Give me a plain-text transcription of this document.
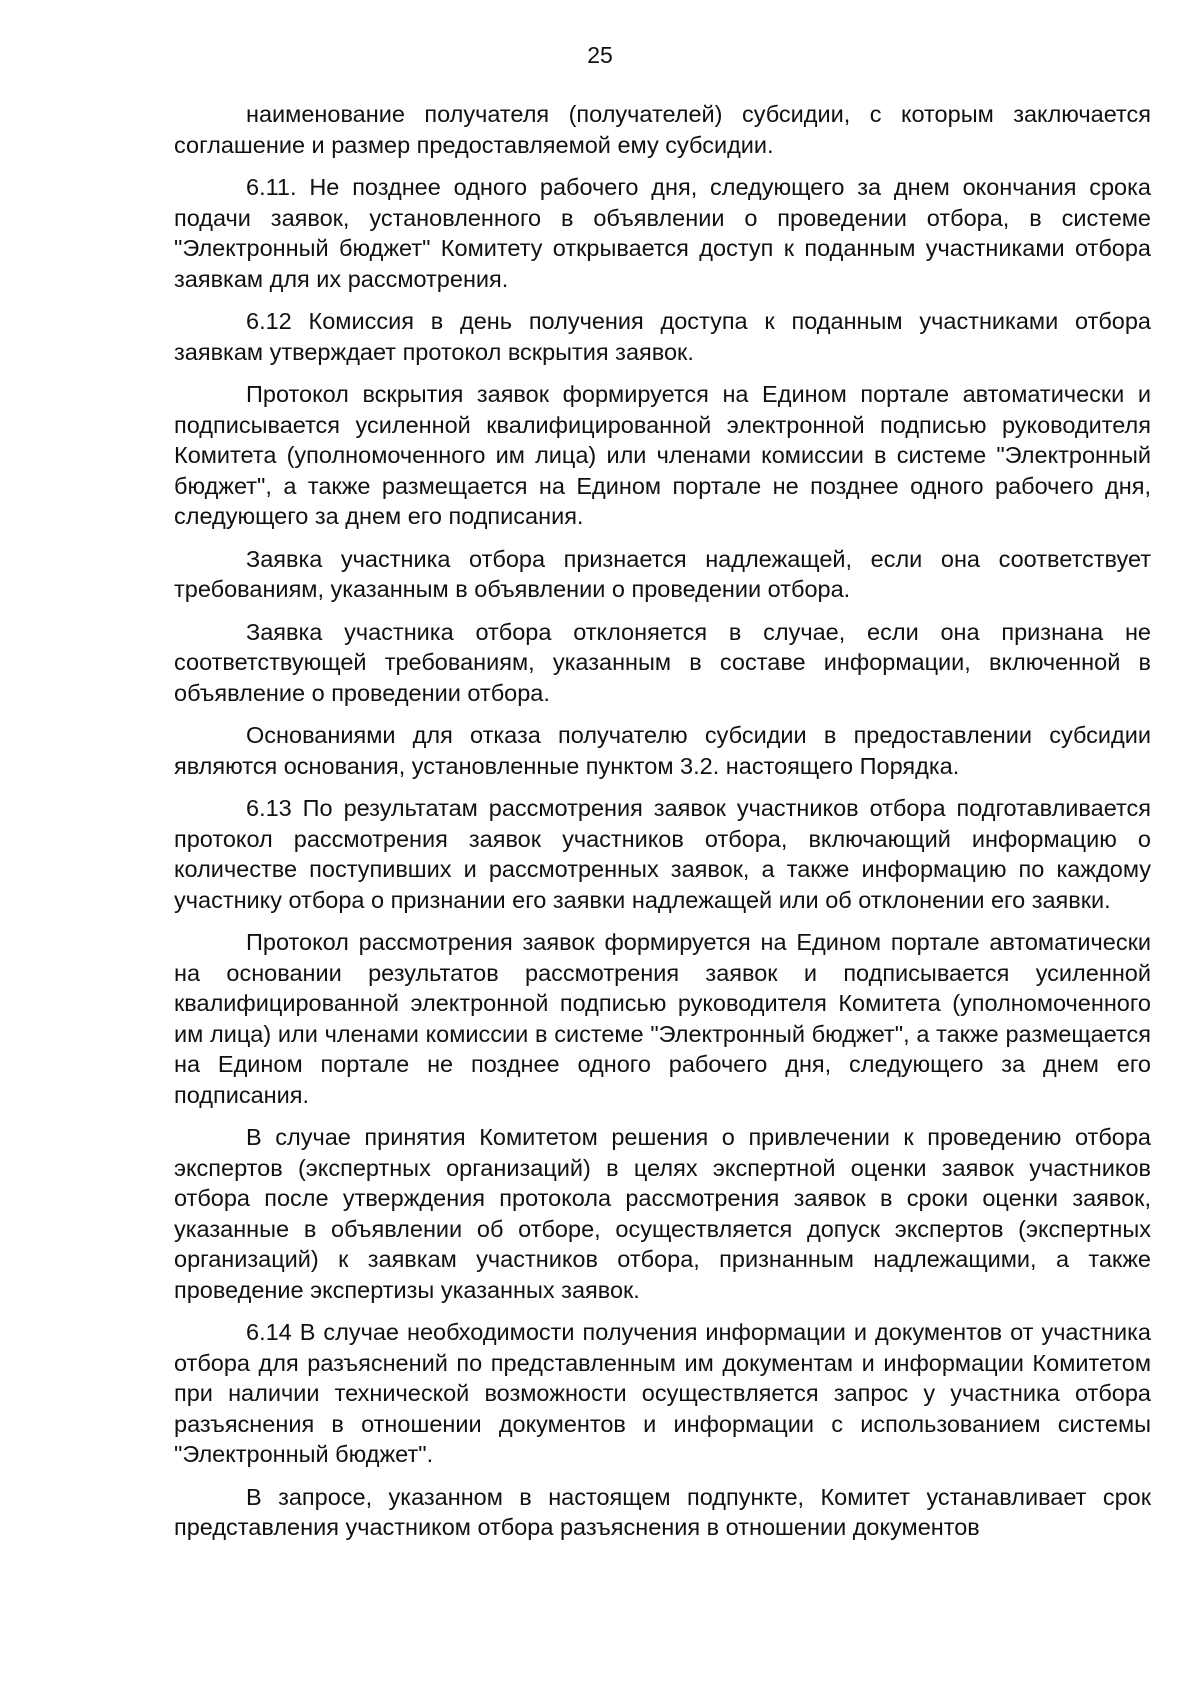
25

наименование получателя (получателей) субсидии, с которым заключается соглашение и размер предоставляемой ему субсидии.

6.11. Не позднее одного рабочего дня, следующего за днем окончания срока подачи заявок, установленного в объявлении о проведении отбора, в системе "Электронный бюджет" Комитету открывается доступ к поданным участниками отбора заявкам для их рассмотрения.

6.12 Комиссия в день получения доступа к поданным участниками отбора заявкам утверждает протокол вскрытия заявок.

Протокол вскрытия заявок формируется на Едином портале автоматически и подписывается усиленной квалифицированной электронной подписью руководителя Комитета (уполномоченного им лица) или членами комиссии в системе "Электронный бюджет", а также размещается на Едином портале не позднее одного рабочего дня, следующего за днем его подписания.

Заявка участника отбора признается надлежащей, если она соответствует требованиям, указанным в объявлении о проведении отбора.

Заявка участника отбора отклоняется в случае, если она признана не соответствующей требованиям, указанным в составе информации, включенной в объявление о проведении отбора.

Основаниями для отказа получателю субсидии в предоставлении субсидии являются основания, установленные пунктом 3.2. настоящего Порядка.

6.13 По результатам рассмотрения заявок участников отбора подготавливается протокол рассмотрения заявок участников отбора, включающий информацию о количестве поступивших и рассмотренных заявок, а также информацию по каждому участнику отбора о признании его заявки надлежащей или об отклонении его заявки.

Протокол рассмотрения заявок формируется на Едином портале автоматически на основании результатов рассмотрения заявок и подписывается усиленной квалифицированной электронной подписью руководителя Комитета (уполномоченного им лица) или членами комиссии в системе "Электронный бюджет", а также размещается на Едином портале не позднее одного рабочего дня, следующего за днем его подписания.

В случае принятия Комитетом решения о привлечении к проведению отбора экспертов (экспертных организаций) в целях экспертной оценки заявок участников отбора после утверждения протокола рассмотрения заявок в сроки оценки заявок, указанные в объявлении об отборе, осуществляется допуск экспертов (экспертных организаций) к заявкам участников отбора, признанным надлежащими, а также проведение экспертизы указанных заявок.

6.14 В случае необходимости получения информации и документов от участника отбора для разъяснений по представленным им документам и информации Комитетом при наличии технической возможности осуществляется запрос у участника отбора разъяснения в отношении документов и информации с использованием системы "Электронный бюджет".

В запросе, указанном в настоящем подпункте, Комитет устанавливает срок представления участником отбора разъяснения в отношении документов
